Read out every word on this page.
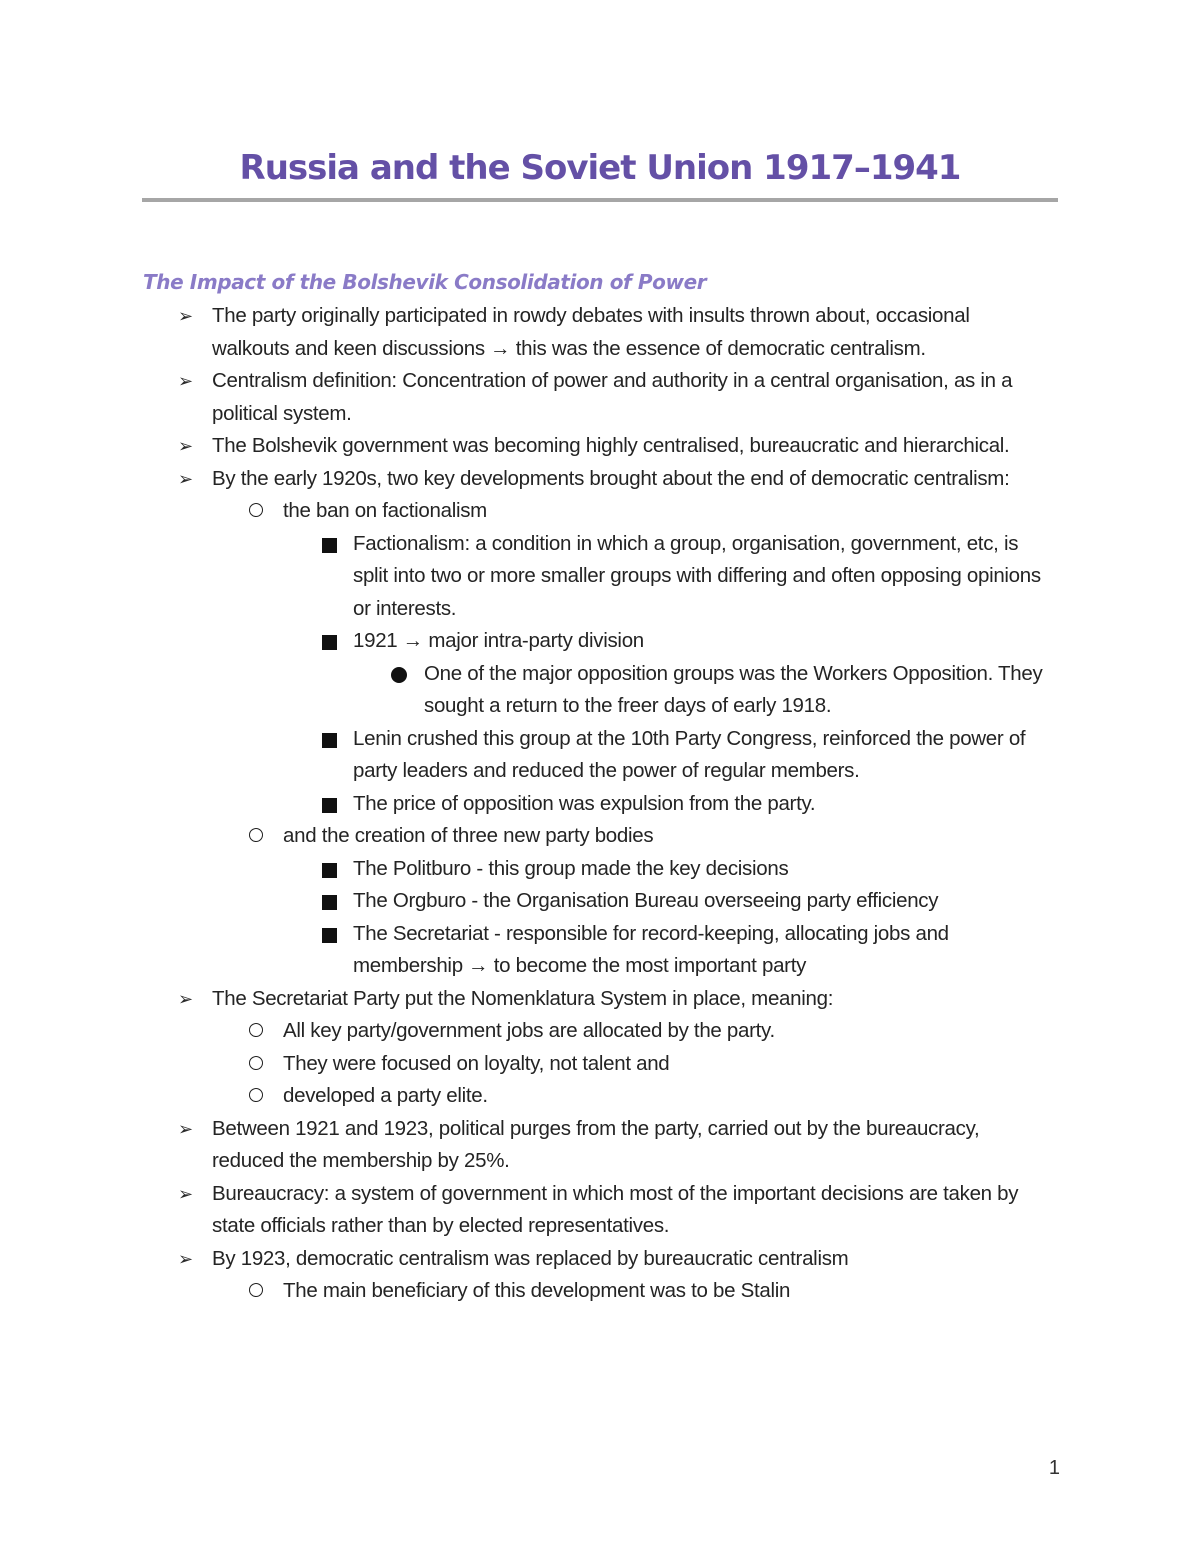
Russia and the Soviet Union 1917–1941
The Impact of the Bolshevik Consolidation of Power
➢ The party originally participated in rowdy debates with insults thrown about, occasional walkouts and keen discussions → this was the essence of democratic centralism.
➢ Centralism definition: Concentration of power and authority in a central organisation, as in a political system.
➢ The Bolshevik government was becoming highly centralised, bureaucratic and hierarchical.
➢ By the early 1920s, two key developments brought about the end of democratic centralism:
the ban on factionalism
Factionalism: a condition in which a group, organisation, government, etc, is split into two or more smaller groups with differing and often opposing opinions or interests.
1921 → major intra-party division
One of the major opposition groups was the Workers Opposition. They sought a return to the freer days of early 1918.
Lenin crushed this group at the 10th Party Congress, reinforced the power of party leaders and reduced the power of regular members.
The price of opposition was expulsion from the party.
and the creation of three new party bodies
The Politburo - this group made the key decisions
The Orgburo - the Organisation Bureau overseeing party efficiency
The Secretariat - responsible for record-keeping, allocating jobs and membership → to become the most important party
➢ The Secretariat Party put the Nomenklatura System in place, meaning:
All key party/government jobs are allocated by the party.
They were focused on loyalty, not talent and
developed a party elite.
➢ Between 1921 and 1923, political purges from the party, carried out by the bureaucracy, reduced the membership by 25%.
➢ Bureaucracy: a system of government in which most of the important decisions are taken by state officials rather than by elected representatives.
➢ By 1923, democratic centralism was replaced by bureaucratic centralism
The main beneficiary of this development was to be Stalin

1
